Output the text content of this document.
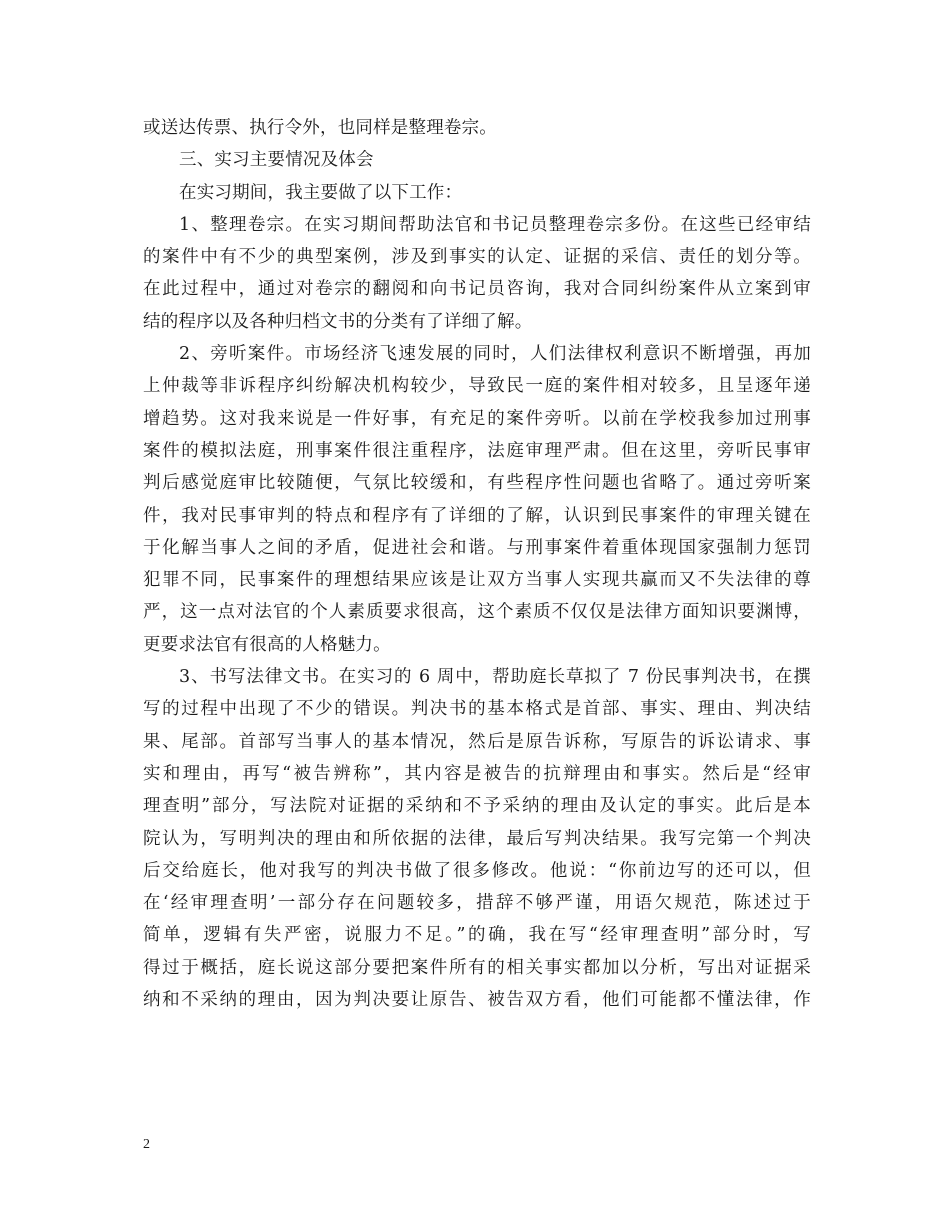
或送达传票、执行令外，也同样是整理卷宗。
三、实习主要情况及体会
在实习期间，我主要做了以下工作：
1、整理卷宗。在实习期间帮助法官和书记员整理卷宗多份。在这些已经审结
的案件中有不少的典型案例，涉及到事实的认定、证据的采信、责任的划分等。
在此过程中，通过对卷宗的翻阅和向书记员咨询，我对合同纠纷案件从立案到审
结的程序以及各种归档文书的分类有了详细了解。
2、旁听案件。市场经济飞速发展的同时，人们法律权利意识不断增强，再加
上仲裁等非诉程序纠纷解决机构较少，导致民一庭的案件相对较多，且呈逐年递
增趋势。这对我来说是一件好事，有充足的案件旁听。以前在学校我参加过刑事
案件的模拟法庭，刑事案件很注重程序，法庭审理严肃。但在这里，旁听民事审
判后感觉庭审比较随便，气氛比较缓和，有些程序性问题也省略了。通过旁听案
件，我对民事审判的特点和程序有了详细的了解，认识到民事案件的审理关键在
于化解当事人之间的矛盾，促进社会和谐。与刑事案件着重体现国家强制力惩罚
犯罪不同，民事案件的理想结果应该是让双方当事人实现共赢而又不失法律的尊
严，这一点对法官的个人素质要求很高，这个素质不仅仅是法律方面知识要渊博，
更要求法官有很高的人格魅力。
3、书写法律文书。在实习的 6 周中，帮助庭长草拟了 7 份民事判决书，在撰
写的过程中出现了不少的错误。判决书的基本格式是首部、事实、理由、判决结
果、尾部。首部写当事人的基本情况，然后是原告诉称，写原告的诉讼请求、事
实和理由，再写“被告辨称”，其内容是被告的抗辩理由和事实。然后是“经审
理查明”部分，写法院对证据的采纳和不予采纳的理由及认定的事实。此后是本
院认为，写明判决的理由和所依据的法律，最后写判决结果。我写完第一个判决
后交给庭长，他对我写的判决书做了很多修改。他说：“你前边写的还可以，但
在‘经审理查明’一部分存在问题较多，措辞不够严谨，用语欠规范，陈述过于
简单，逻辑有失严密，说服力不足。”的确，我在写“经审理查明”部分时，写
得过于概括，庭长说这部分要把案件所有的相关事实都加以分析，写出对证据采
纳和不采纳的理由，因为判决要让原告、被告双方看，他们可能都不懂法律，作
2
